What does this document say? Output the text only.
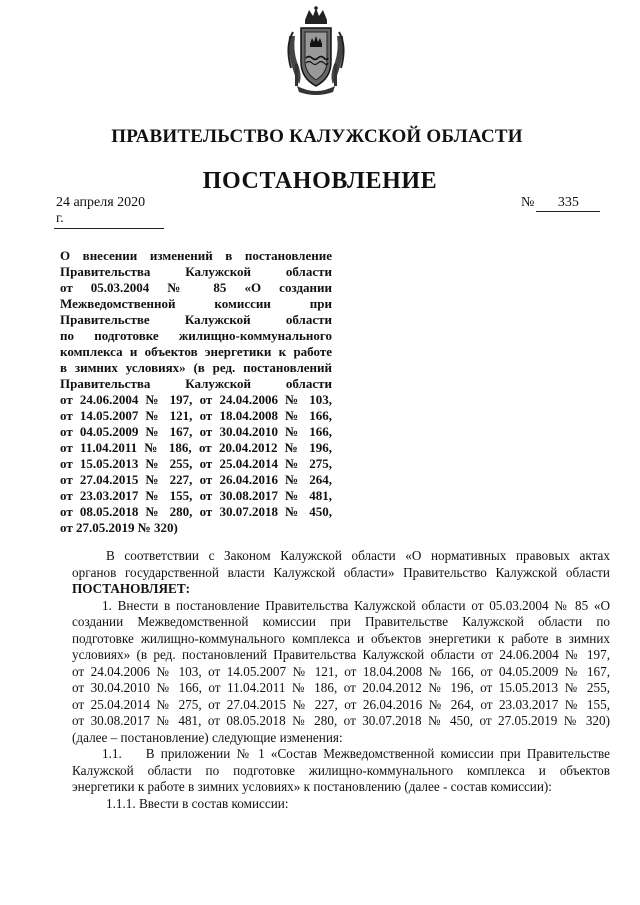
ПРАВИТЕЛЬСТВО КАЛУЖСКОЙ ОБЛАСТИ
ПОСТАНОВЛЕНИЕ
24 апреля 2020 г.
№ 335
О внесении изменений в постановление
Правительства Калужской области
от 05.03.2004 № 85 «О создании
Межведомственной комиссии при
Правительстве Калужской области
по подготовке жилищно-коммунального
комплекса и объектов энергетики к работе
в зимних условиях» (в ред. постановлений
Правительства Калужской области
от 24.06.2004 № 197, от 24.04.2006 № 103,
от 14.05.2007 № 121, от 18.04.2008 № 166,
от 04.05.2009 № 167, от 30.04.2010 № 166,
от 11.04.2011 № 186, от 20.04.2012 № 196,
от 15.05.2013 № 255, от 25.04.2014 № 275,
от 27.04.2015 № 227, от 26.04.2016 № 264,
от 23.03.2017 № 155, от 30.08.2017 № 481,
от 08.05.2018 № 280, от 30.07.2018 № 450,
от 27.05.2019 № 320)
В соответствии с Законом Калужской области «О нормативных правовых актах
органов государственной власти Калужской области» Правительство Калужской области
ПОСТАНОВЛЯЕТ:
1. Внести в постановление Правительства Калужской области от 05.03.2004 № 85 «О
создании Межведомственной комиссии при Правительстве Калужской области по
подготовке жилищно-коммунального комплекса и объектов энергетики к работе в зимних
условиях» (в ред. постановлений Правительства Калужской области от 24.06.2004 № 197,
от 24.04.2006 № 103, от 14.05.2007 № 121, от 18.04.2008 № 166, от 04.05.2009 № 167,
от 30.04.2010 № 166, от 11.04.2011 № 186, от 20.04.2012 № 196, от 15.05.2013 № 255,
от 25.04.2014 № 275, от 27.04.2015 № 227, от 26.04.2016 № 264, от 23.03.2017 № 155,
от 30.08.2017 № 481, от 08.05.2018 № 280, от 30.07.2018 № 450, от 27.05.2019 № 320)
(далее – постановление) следующие изменения:
1.1. В приложении № 1 «Состав Межведомственной комиссии при Правительстве
Калужской области по подготовке жилищно-коммунального комплекса и объектов
энергетики к работе в зимних условиях» к постановлению (далее - состав комиссии):
1.1.1. Ввести в состав комиссии:
